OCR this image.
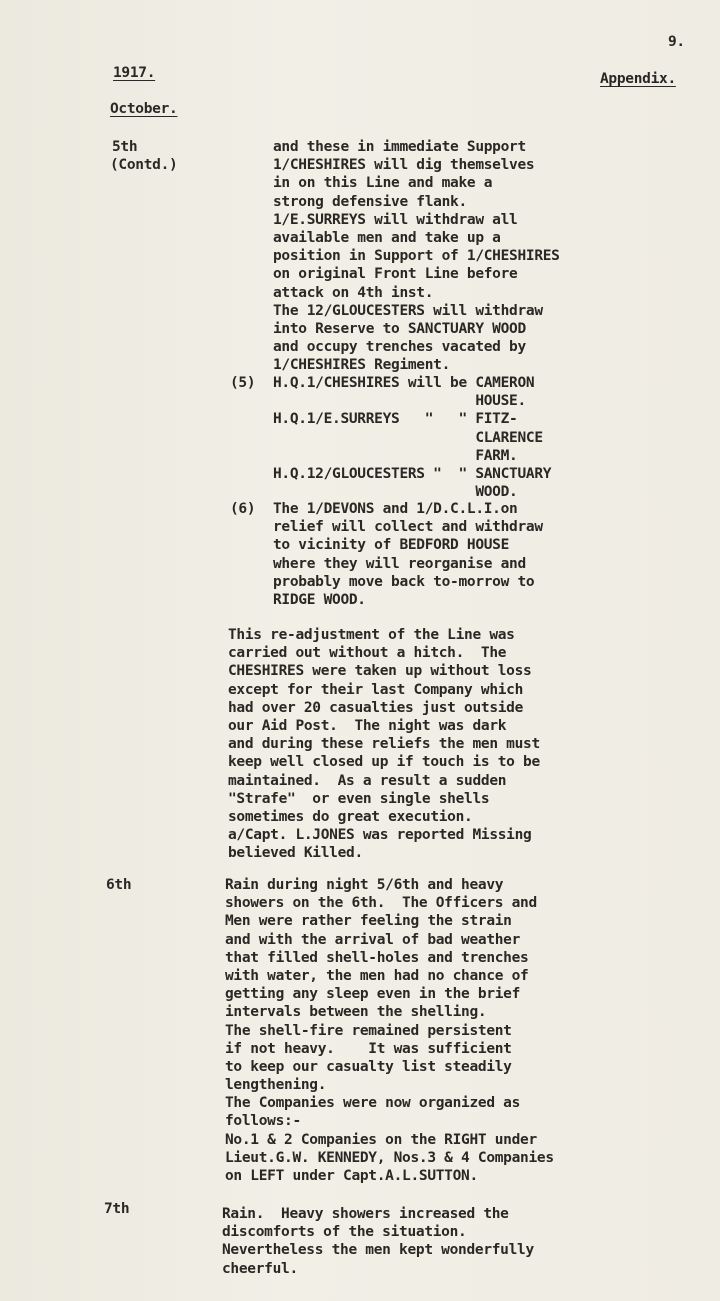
9.

1917.	Appendix.

October.

5th

(Contd.)

and these in immediate Support
1/CHESHIRES will dig themselves
in on this Line and make a
strong defensive flank.
1/E.SURREYS will withdraw all
available men and take up a
position in Support of 1/CHESHIRES
on original Front Line before
attack on 4th inst.
The 12/GLOUCESTERS will withdraw
into Reserve to SANCTUARY WOOD
and occupy trenches vacated by
1/CHESHIRES Regiment.

(5) H.Q.1/CHESHIRES will be CAMERON
HOUSE.
H.Q.1/E.SURREYS   "   " FITZ-
CLARENCE
FARM.
H.Q.12/GLOUCESTERS "  " SANCTUARY
WOOD.

(6) The 1/DEVONS and 1/D.C.L.I.on
relief will collect and withdraw
to vicinity of BEDFORD HOUSE
where they will reorganise and
probably move back to-morrow to
RIDGE WOOD.
This re-adjustment of the Line was
carried out without a hitch.  The
CHESHIRES were taken up without loss
except for their last Company which
had over 20 casualties just outside
our Aid Post.  The night was dark
and during these reliefs the men must
keep well closed up if touch is to be
maintained.  As a result a sudden
"Strafe"  or even single shells
sometimes do great execution.
a/Capt. L.JONES was reported Missing
believed Killed.

6th	Rain during night 5/6th and heavy
showers on the 6th.  The Officers and
Men were rather feeling the strain
and with the arrival of bad weather
that filled shell-holes and trenches
with water, the men had no chance of
getting any sleep even in the brief
intervals between the shelling.
The shell-fire remained persistent
if not heavy.    It was sufficient
to keep our casualty list steadily
lengthening.
The Companies were now organized as
follows:-
No.1 & 2 Companies on the RIGHT under
Lieut.G.W. KENNEDY, Nos.3 & 4 Companies
on LEFT under Capt.A.L.SUTTON.

7th	Rain.  Heavy showers increased the
discomforts of the situation.
Nevertheless the men kept wonderfully
cheerful.
